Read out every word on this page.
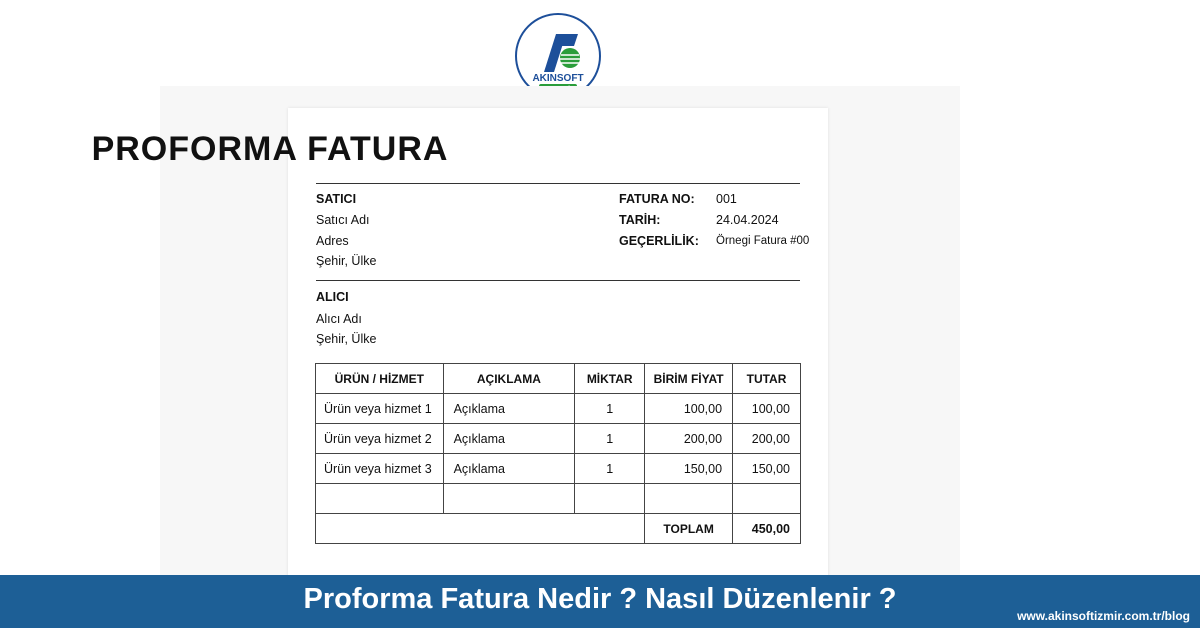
AKINSOFT
PROFORMA FATURA
SATICI
Satıcı Adı
Adres
Şehir, Ülke
FATURA NO: 001
TARİH:	24.04.2024
GEÇERLİLİK: Örnegi Fatura #00
ALICI
Alıcı Adı
Şehir, Ülke
ÜRÜN / HİZMET	AÇIKLAMA	MİKTAR	BİRİM FİYAT	TUTAR
Ürün veya hizmet 1	Açıklama	1	100,00	100,00
Ürün veya hizmet 2	Açıklama	1	200,00	200,00
Ürün veya hizmet 3	Açıklama	1	150,00	150,00

			TOPLAM	450,00
Proforma Fatura Nedir ? Nasıl Düzenlenir ?
www.akinsoftizmir.com.tr/blog
